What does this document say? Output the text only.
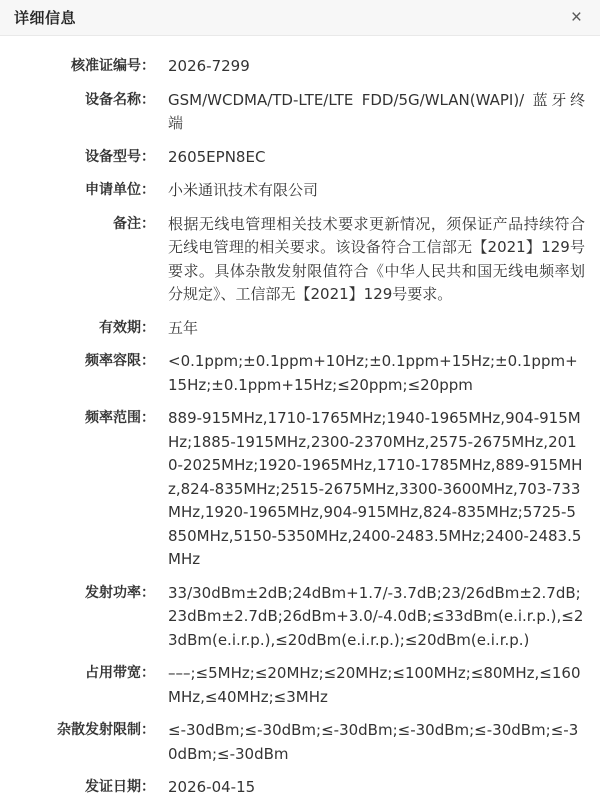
详细信息	×
核准证编号： 2026-7299
设备名称： GSM/WCDMA/TD-LTE/LTE FDD/5G/WLAN(WAPI)/ 蓝牙终端
设备型号： 2605EPN8EC
申请单位： 小米通讯技术有限公司
备注： 根据无线电管理相关技术要求更新情况，须保证产品持续符合无线电管理的相关要求。该设备符合工信部无【2021】129号要求。具体杂散发射限值符合《中华人民共和国无线电频率划分规定》、工信部无【2021】129号要求。
有效期： 五年
频率容限： <0.1ppm;±0.1ppm+10Hz;±0.1ppm+15Hz;±0.1ppm+15Hz;±0.1ppm+15Hz;≤20ppm;≤20ppm
频率范围： 889-915MHz,1710-1765MHz;1940-1965MHz,904-915MHz;1885-1915MHz,2300-2370MHz,2575-2675MHz,2010-2025MHz;1920-1965MHz,1710-1785MHz,889-915MHz,824-835MHz;2515-2675MHz,3300-3600MHz,703-733MHz,1920-1965MHz,904-915MHz,824-835MHz;5725-5850MHz,5150-5350MHz,2400-2483.5MHz;2400-2483.5MHz
发射功率： 33/30dBm±2dB;24dBm+1.7/-3.7dB;23/26dBm±2.7dB;23dBm±2.7dB;26dBm+3.0/-4.0dB;≤33dBm(e.i.r.p.),≤23dBm(e.i.r.p.),≤20dBm(e.i.r.p.);≤20dBm(e.i.r.p.)
占用带宽： –––;≤5MHz;≤20MHz;≤20MHz;≤100MHz;≤80MHz,≤160MHz,≤40MHz;≤3MHz
杂散发射限制： ≤-30dBm;≤-30dBm;≤-30dBm;≤-30dBm;≤-30dBm;≤-30dBm;≤-30dBm
发证日期： 2026-04-15
